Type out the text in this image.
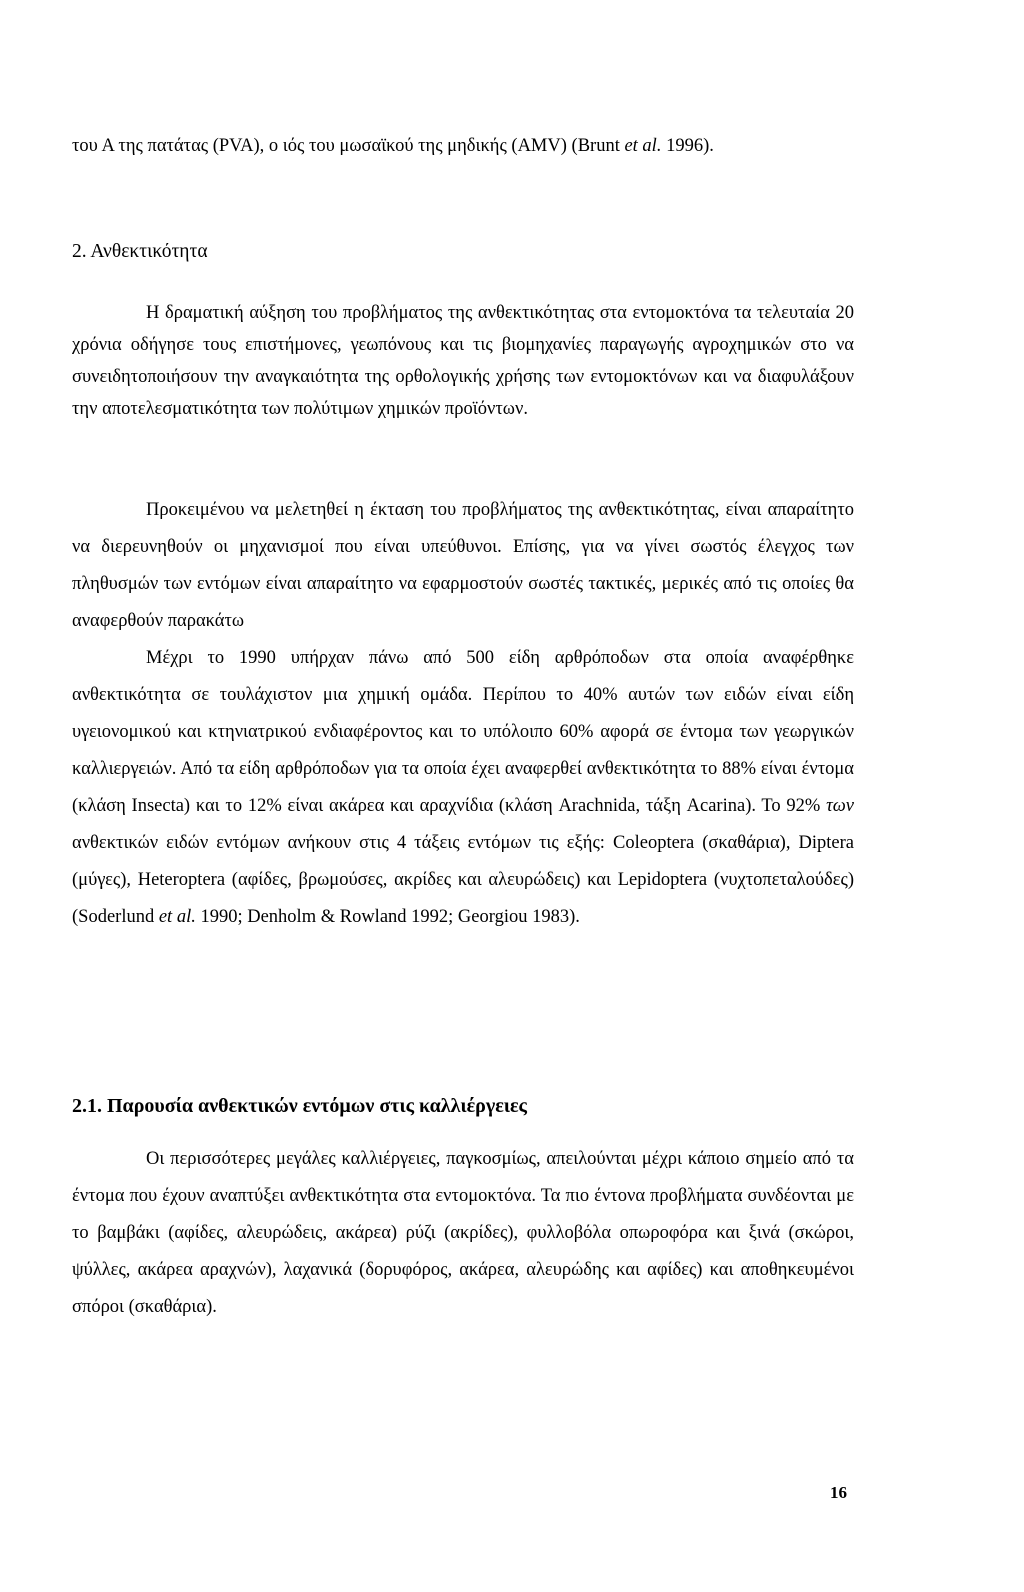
του Α της πατάτας (PVA), ο ιός του μωσαϊκού της μηδικής (AMV) (Brunt et al. 1996).

2. Ανθεκτικότητα

Η δραματική αύξηση του προβλήματος της ανθεκτικότητας στα εντομοκτόνα τα τελευταία 20 χρόνια οδήγησε τους επιστήμονες, γεωπόνους και τις βιομηχανίες παραγωγής αγροχημικών στο να συνειδητοποιήσουν την αναγκαιότητα της ορθολογικής χρήσης των εντομοκτόνων και να διαφυλάξουν την αποτελεσματικότητα των πολύτιμων χημικών προϊόντων.

Προκειμένου να μελετηθεί η έκταση του προβλήματος της ανθεκτικότητας, είναι απαραίτητο να διερευνηθούν οι μηχανισμοί που είναι υπεύθυνοι. Επίσης, για να γίνει σωστός έλεγχος των πληθυσμών των εντόμων είναι απαραίτητο να εφαρμοστούν σωστές τακτικές, μερικές από τις οποίες θα αναφερθούν παρακάτω

Μέχρι το 1990 υπήρχαν πάνω από 500 είδη αρθρόποδων στα οποία αναφέρθηκε ανθεκτικότητα σε τουλάχιστον μια χημική ομάδα. Περίπου το 40% αυτών των ειδών είναι είδη υγειονομικού και κτηνιατρικού ενδιαφέροντος και το υπόλοιπο 60% αφορά σε έντομα των γεωργικών καλλιεργειών. Από τα είδη αρθρόποδων για τα οποία έχει αναφερθεί ανθεκτικότητα το 88% είναι έντομα (κλάση Insecta) και το 12% είναι ακάρεα και αραχνίδια (κλάση Arachnida, τάξη Acarina). Το 92% των ανθεκτικών ειδών εντόμων ανήκουν στις 4 τάξεις εντόμων τις εξής: Coleoptera (σκαθάρια), Diptera (μύγες), Heteroptera (αφίδες, βρωμούσες, ακρίδες και αλευρώδεις) και Lepidoptera (νυχτοπεταλούδες) (Soderlund et al. 1990; Denholm & Rowland 1992; Georgiou 1983).

2.1. Παρουσία ανθεκτικών εντόμων στις καλλιέργειες

Οι περισσότερες μεγάλες καλλιέργειες, παγκοσμίως, απειλούνται μέχρι κάποιο σημείο από τα έντομα που έχουν αναπτύξει ανθεκτικότητα στα εντομοκτόνα. Τα πιο έντονα προβλήματα συνδέονται με το βαμβάκι (αφίδες, αλευρώδεις, ακάρεα) ρύζι (ακρίδες), φυλλοβόλα οπωροφόρα και ξινά (σκώροι, ψύλλες, ακάρεα αραχνών), λαχανικά (δορυφόρος, ακάρεα, αλευρώδης και αφίδες) και αποθηκευμένοι σπόροι (σκαθάρια).

16
